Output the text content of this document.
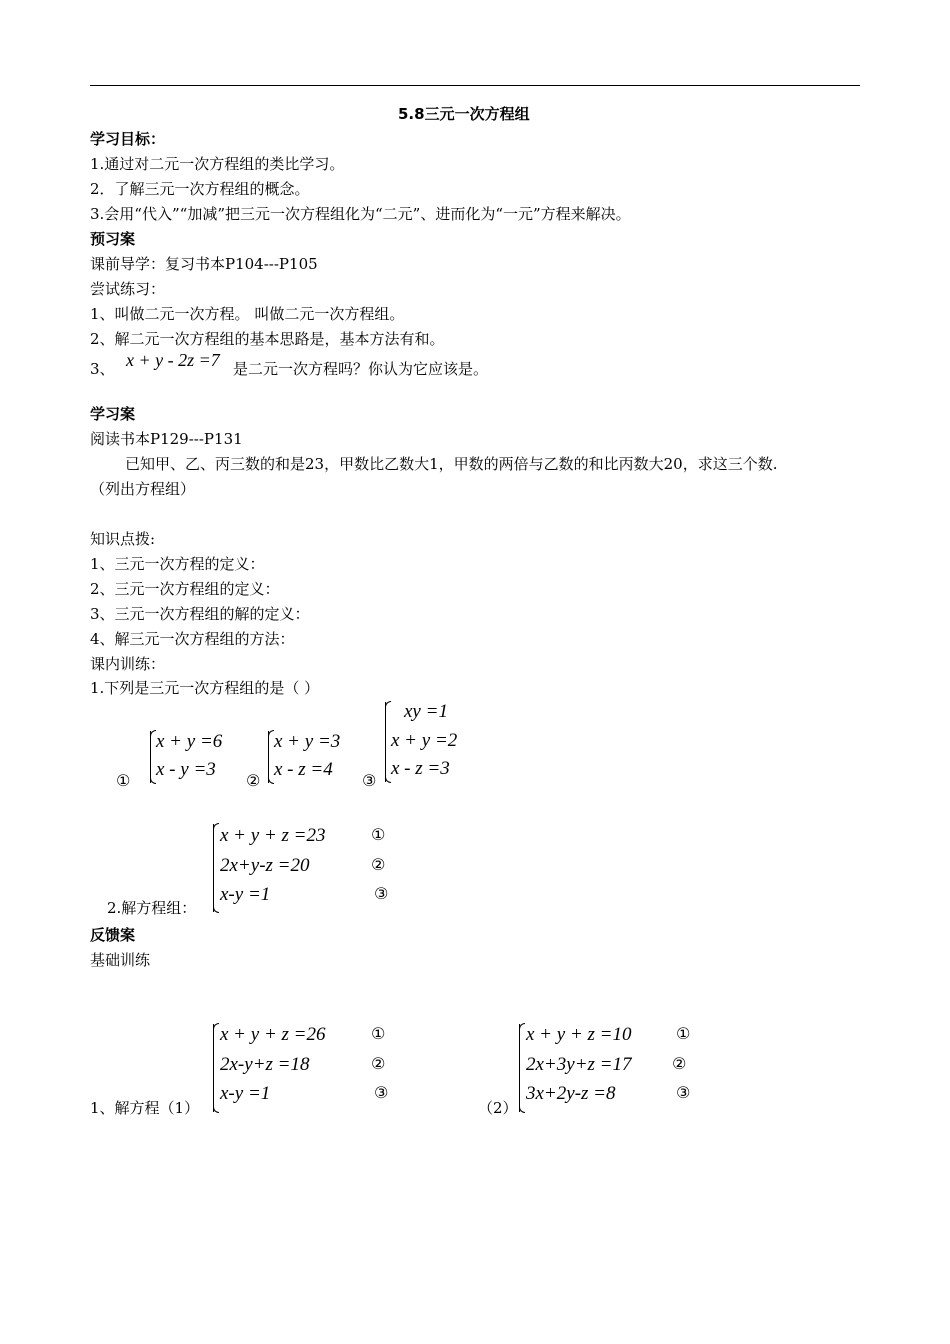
5.8三元一次方程组
学习目标：
1.通过对二元一次方程组的类比学习。
2．了解三元一次方程组的概念。
3.会用“代入”“加减”把三元一次方程组化为“二元”、进而化为“一元”方程来解决。
预习案
课前导学：复习书本P104---P105
尝试练习：
1、叫做二元一次方程。 叫做二元一次方程组。
2、解二元一次方程组的基本思路是，基本方法有和。
3、 x + y - 2z =7 是二元一次方程吗？你认为它应该是。
学习案
阅读书本P129---P131
已知甲、乙、丙三数的和是23，甲数比乙数大1，甲数的两倍与乙数的和比丙数大20，求这三个数.
（列出方程组）
知识点拨:
1、三元一次方程的定义：
2、三元一次方程组的定义：
3、三元一次方程组的解的定义：
4、解三元一次方程组的方法：
课内训练：
1.下列是三元一次方程组的是（ ）
①
x + y =6
x - y =3
②
x + y =3
x - z =4
③
xy =1
x + y =2
x - z =3
2.解方程组：
x + y + z =23
2x+y-z =20
x-y =1
①
②
③
反馈案
基础训练
1、解方程（1）
x + y + z =26
2x-y+z =18
x-y =1
①
②
③
（2）
x + y + z =10
2x+3y+z =17
3x+2y-z =8
①
②
③
